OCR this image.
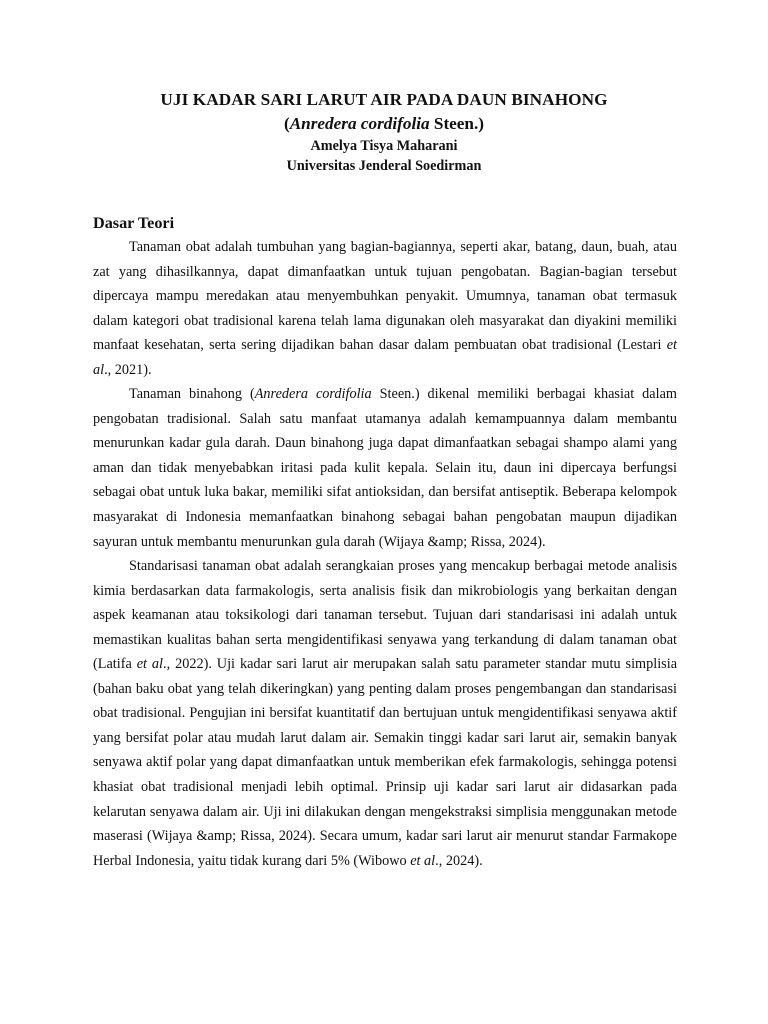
UJI KADAR SARI LARUT AIR PADA DAUN BINAHONG

(Anredera cordifolia Steen.)

Amelya Tisya Maharani

Universitas Jenderal Soedirman

Dasar Teori

Tanaman obat adalah tumbuhan yang bagian-bagiannya, seperti akar, batang, daun, buah, atau zat yang dihasilkannya, dapat dimanfaatkan untuk tujuan pengobatan. Bagian-bagian tersebut dipercaya mampu meredakan atau menyembuhkan penyakit. Umumnya, tanaman obat termasuk dalam kategori obat tradisional karena telah lama digunakan oleh masyarakat dan diyakini memiliki manfaat kesehatan, serta sering dijadikan bahan dasar dalam pembuatan obat tradisional (Lestari et al., 2021).

Tanaman binahong (Anredera cordifolia Steen.) dikenal memiliki berbagai khasiat dalam pengobatan tradisional. Salah satu manfaat utamanya adalah kemampuannya dalam membantu menurunkan kadar gula darah. Daun binahong juga dapat dimanfaatkan sebagai shampo alami yang aman dan tidak menyebabkan iritasi pada kulit kepala. Selain itu, daun ini dipercaya berfungsi sebagai obat untuk luka bakar, memiliki sifat antioksidan, dan bersifat antiseptik. Beberapa kelompok masyarakat di Indonesia memanfaatkan binahong sebagai bahan pengobatan maupun dijadikan sayuran untuk membantu menurunkan gula darah (Wijaya &amp; Rissa, 2024).

Standarisasi tanaman obat adalah serangkaian proses yang mencakup berbagai metode analisis kimia berdasarkan data farmakologis, serta analisis fisik dan mikrobiologis yang berkaitan dengan aspek keamanan atau toksikologi dari tanaman tersebut. Tujuan dari standarisasi ini adalah untuk memastikan kualitas bahan serta mengidentifikasi senyawa yang terkandung di dalam tanaman obat (Latifa et al., 2022). Uji kadar sari larut air merupakan salah satu parameter standar mutu simplisia (bahan baku obat yang telah dikeringkan) yang penting dalam proses pengembangan dan standarisasi obat tradisional. Pengujian ini bersifat kuantitatif dan bertujuan untuk mengidentifikasi senyawa aktif yang bersifat polar atau mudah larut dalam air. Semakin tinggi kadar sari larut air, semakin banyak senyawa aktif polar yang dapat dimanfaatkan untuk memberikan efek farmakologis, sehingga potensi khasiat obat tradisional menjadi lebih optimal. Prinsip uji kadar sari larut air didasarkan pada kelarutan senyawa dalam air. Uji ini dilakukan dengan mengekstraksi simplisia menggunakan metode maserasi (Wijaya &amp; Rissa, 2024). Secara umum, kadar sari larut air menurut standar Farmakope Herbal Indonesia, yaitu tidak kurang dari 5% (Wibowo et al., 2024).
